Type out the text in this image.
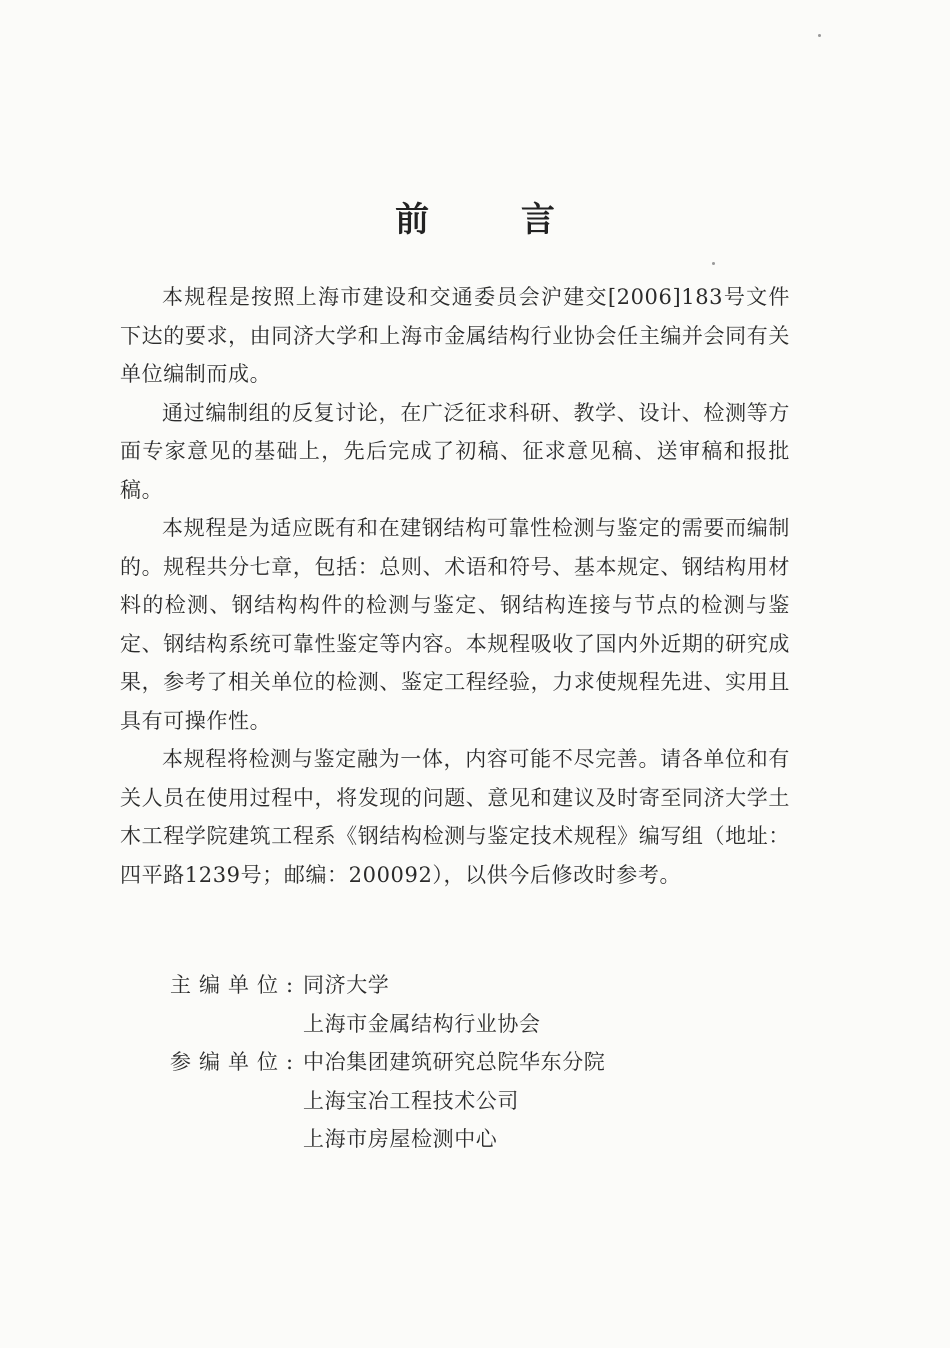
前 言

本规程是按照上海市建设和交通委员会沪建交[2006]183号文件下达的要求，由同济大学和上海市金属结构行业协会任主编并会同有关单位编制而成。

通过编制组的反复讨论，在广泛征求科研、教学、设计、检测等方面专家意见的基础上，先后完成了初稿、征求意见稿、送审稿和报批稿。

本规程是为适应既有和在建钢结构可靠性检测与鉴定的需要而编制的。规程共分七章，包括：总则、术语和符号、基本规定、钢结构用材料的检测、钢结构构件的检测与鉴定、钢结构连接与节点的检测与鉴定、钢结构系统可靠性鉴定等内容。本规程吸收了国内外近期的研究成果，参考了相关单位的检测、鉴定工程经验，力求使规程先进、实用且具有可操作性。

本规程将检测与鉴定融为一体，内容可能不尽完善。请各单位和有关人员在使用过程中，将发现的问题、意见和建议及时寄至同济大学土木工程学院建筑工程系《钢结构检测与鉴定技术规程》编写组（地址：四平路1239号；邮编：200092），以供今后修改时参考。

主编单位 : 同济大学
上海市金属结构行业协会
参编单位 : 中冶集团建筑研究总院华东分院
上海宝冶工程技术公司
上海市房屋检测中心
